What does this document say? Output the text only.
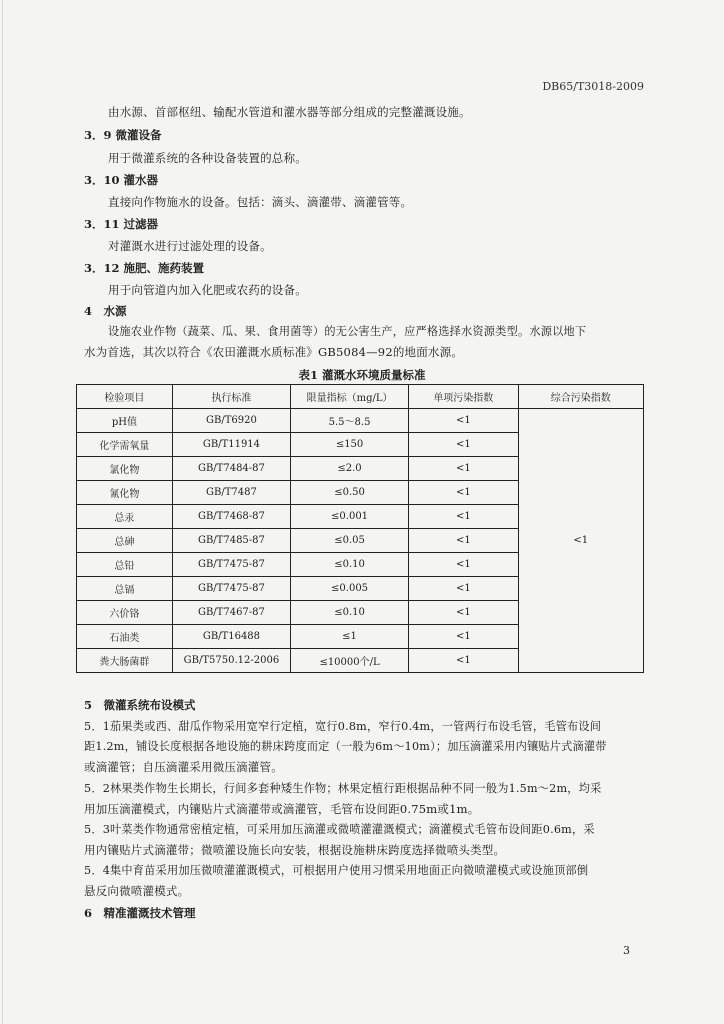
DB65/T3018-2009
由水源、首部枢纽、输配水管道和灌水器等部分组成的完整灌溉设施。
3．9 微灌设备
用于微灌系统的各种设备装置的总称。
3．10 灌水器
直接向作物施水的设备。包括：滴头、滴灌带、滴灌管等。
3．11 过滤器
对灌溉水进行过滤处理的设备。
3．12 施肥、施药装置
用于向管道内加入化肥或农药的设备。
4　水源
设施农业作物（蔬菜、瓜、果、食用菌等）的无公害生产，应严格选择水资源类型。水源以地下
水为首选，其次以符合《农田灌溉水质标准》GB5084—92的地面水源。
表1 灌溉水环境质量标准
检验项目	执行标准	限量指标（mg/L）	单项污染指数	综合污染指数
pH值	GB/T6920	5.5～8.5	<1	<1
化学需氧量	GB/T11914	≤150	<1	
氯化物	GB/T7484-87	≤2.0	<1	
氰化物	GB/T7487	≤0.50	<1	
总汞	GB/T7468-87	≤0.001	<1	
总砷	GB/T7485-87	≤0.05	<1	
总铅	GB/T7475-87	≤0.10	<1	
总镉	GB/T7475-87	≤0.005	<1	
六价铬	GB/T7467-87	≤0.10	<1	
石油类	GB/T16488	≤1	<1	
粪大肠菌群	GB/T5750.12-2006	≤10000个/L	<1	
5　微灌系统布设模式
5．1茄果类或西、甜瓜作物采用宽窄行定植，宽行0.8m，窄行0.4m，一管两行布设毛管，毛管布设间
距1.2m，铺设长度根据各地设施的耕床跨度而定（一般为6m～10m）；加压滴灌采用内镶贴片式滴灌带
或滴灌管；自压滴灌采用微压滴灌管。
5．2林果类作物生长期长，行间多套种矮生作物；林果定植行距根据品种不同一般为1.5m～2m，均采
用加压滴灌模式，内镶贴片式滴灌带或滴灌管，毛管布设间距0.75m或1m。
5．3叶菜类作物通常密植定植，可采用加压滴灌或微喷灌灌溉模式；滴灌模式毛管布设间距0.6m，采
用内镶贴片式滴灌带；微喷灌设施长向安装，根据设施耕床跨度选择微喷头类型。
5．4集中育苗采用加压微喷灌灌溉模式，可根据用户使用习惯采用地面正向微喷灌模式或设施顶部倒
悬反向微喷灌模式。
6　精准灌溉技术管理
3
